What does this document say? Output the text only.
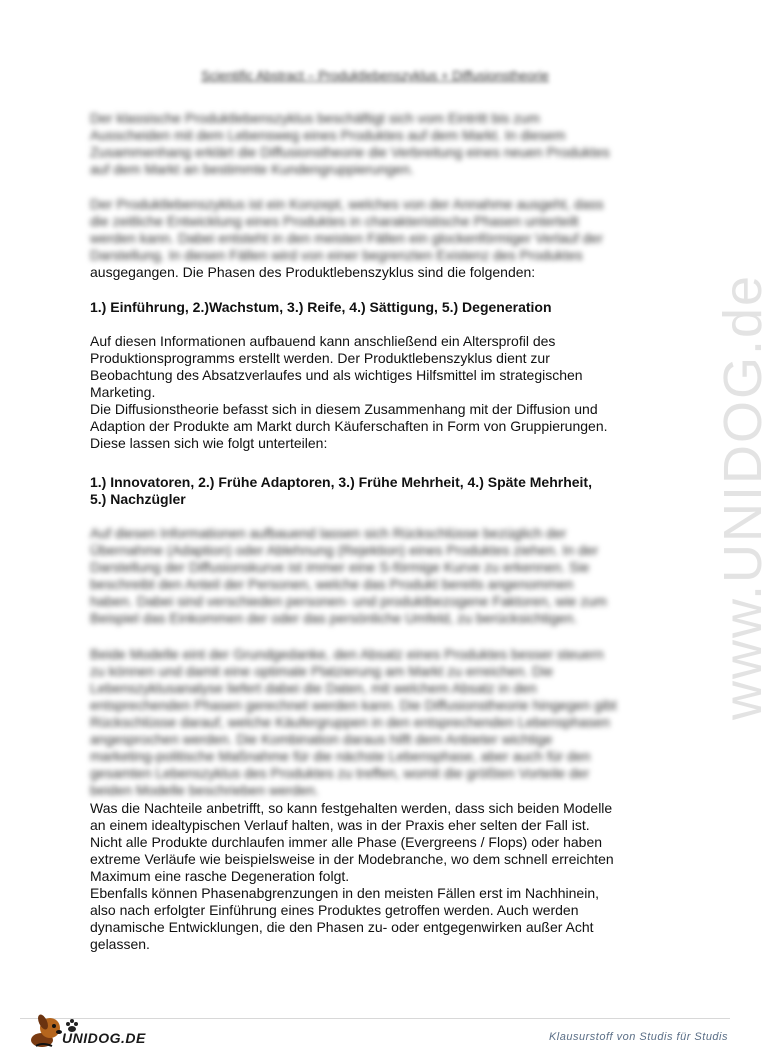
www.UNIDOG.de
Scientific Abstract – Produktlebenszyklus + Diffusionstheorie
Der klassische Produktlebenszyklus beschäftigt sich vom Eintritt bis zum
Ausscheiden mit dem Lebensweg eines Produktes auf dem Markt. In diesem
Zusammenhang erklärt die Diffusionstheorie die Verbreitung eines neuen Produktes
auf dem Markt an bestimmte Kundengruppierungen.
Der Produktlebenszyklus ist ein Konzept, welches von der Annahme ausgeht, dass
die zeitliche Entwicklung eines Produktes in charakteristische Phasen unterteilt
werden kann. Dabei entsteht in den meisten Fällen ein glockenförmiger Verlauf der
Darstellung. In diesen Fällen wird von einer begrenzten Existenz des Produktes
ausgegangen. Die Phasen des Produktlebenszyklus sind die folgenden:
1.) Einführung, 2.)Wachstum, 3.) Reife, 4.) Sättigung, 5.) Degeneration
Auf diesen Informationen aufbauend kann anschließend ein Altersprofil des
Produktionsprogramms erstellt werden. Der Produktlebenszyklus dient zur
Beobachtung des Absatzverlaufes und als wichtiges Hilfsmittel im strategischen
Marketing.
Die Diffusionstheorie befasst sich in diesem Zusammenhang mit der Diffusion und
Adaption der Produkte am Markt durch Käuferschaften in Form von Gruppierungen.
Diese lassen sich wie folgt unterteilen:
1.) Innovatoren, 2.) Frühe Adaptoren, 3.) Frühe Mehrheit, 4.) Späte Mehrheit,
5.) Nachzügler
Auf diesen Informationen aufbauend lassen sich Rückschlüsse bezüglich der
Übernahme (Adaption) oder Ablehnung (Rejektion) eines Produktes ziehen. In der
Darstellung der Diffusionskurve ist immer eine S-förmige Kurve zu erkennen. Sie
beschreibt den Anteil der Personen, welche das Produkt bereits angenommen
haben. Dabei sind verschieden personen- und produktbezogene Faktoren, wie zum
Beispiel das Einkommen der oder das persönliche Umfeld, zu berücksichtigen.
Beide Modelle eint der Grundgedanke, den Absatz eines Produktes besser steuern
zu können und damit eine optimale Platzierung am Markt zu erreichen. Die
Lebenszyklusanalyse liefert dabei die Daten, mit welchem Absatz in den
entsprechenden Phasen gerechnet werden kann. Die Diffusionstheorie hingegen gibt
Rückschlüsse darauf, welche Käufergruppen in den entsprechenden Lebensphasen
angesprochen werden. Die Kombination daraus hilft dem Anbieter wichtige
marketing-politische Maßnahme für die nächste Lebensphase, aber auch für den
gesamten Lebenszyklus des Produktes zu treffen, womit die größten Vorteile der
beiden Modelle beschrieben werden.
Was die Nachteile anbetrifft, so kann festgehalten werden, dass sich beiden Modelle
an einem idealtypischen Verlauf halten, was in der Praxis eher selten der Fall ist.
Nicht alle Produkte durchlaufen immer alle Phase (Evergreens / Flops) oder haben
extreme Verläufe wie beispielsweise in der Modebranche, wo dem schnell erreichten
Maximum eine rasche Degeneration folgt.
Ebenfalls können Phasenabgrenzungen in den meisten Fällen erst im Nachhinein,
also nach erfolgter Einführung eines Produktes getroffen werden. Auch werden
dynamische Entwicklungen, die den Phasen zu- oder entgegenwirken außer Acht
gelassen.
UNIDOG.DE	Klausurstoff von Studis für Studis
